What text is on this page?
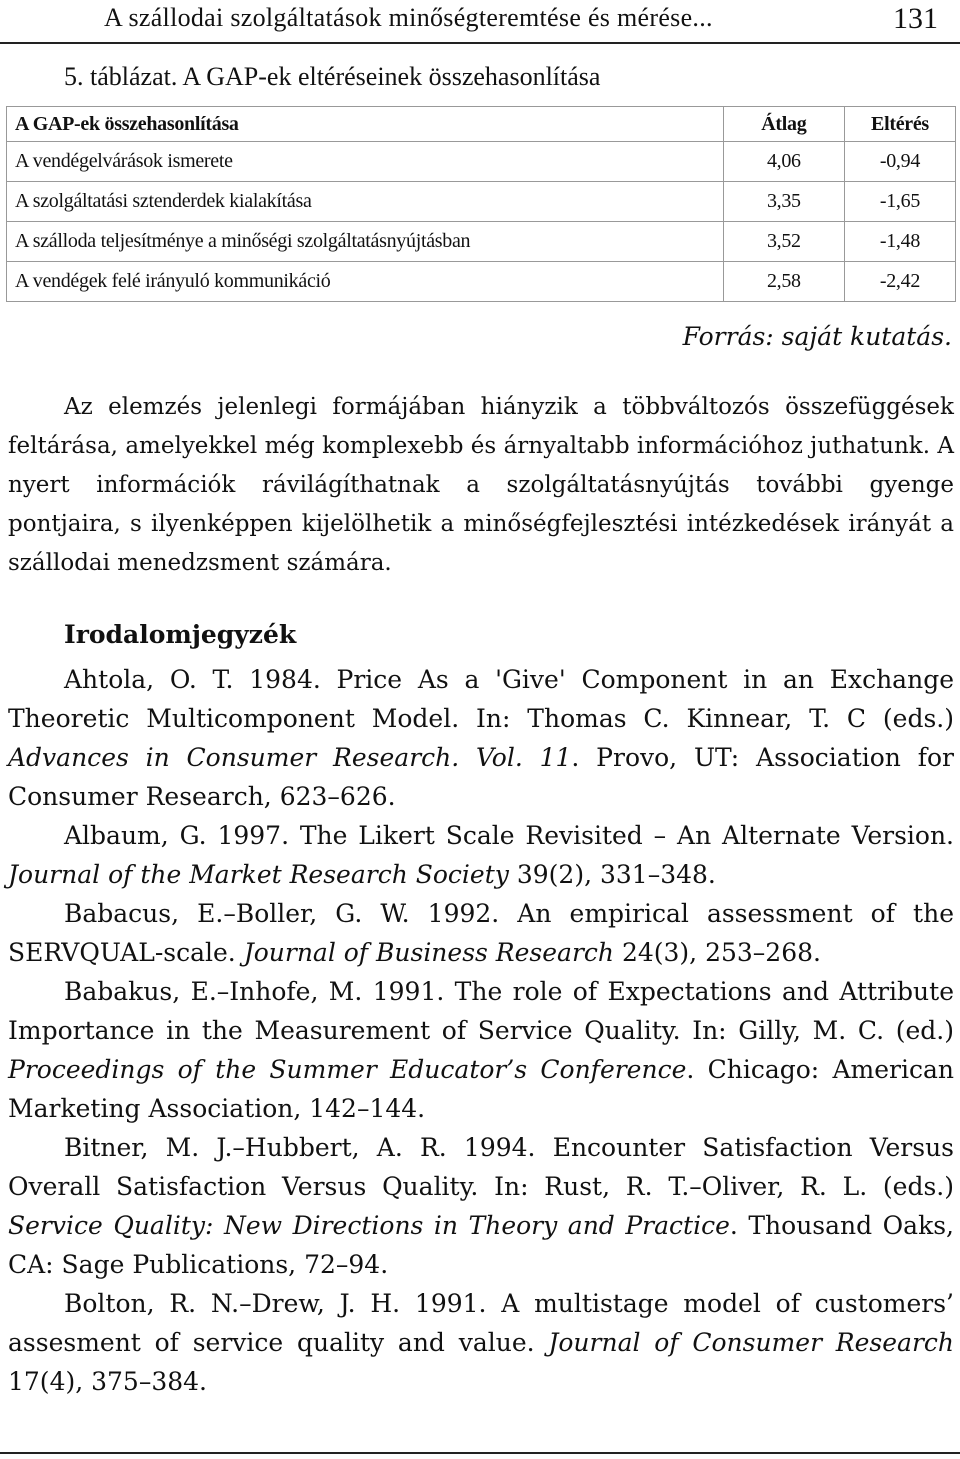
A szállodai szolgáltatások minőségteremtése és mérése...	131
5. táblázat. A GAP-ek eltéréseinek összehasonlítása
A GAP-ek összehasonlítása	Átlag	Eltérés
A vendégelvárások ismerete	4,06	-0,94
A szolgáltatási sztenderdek kialakítása	3,35	-1,65
A szálloda teljesítménye a minőségi szolgáltatásnyújtásban	3,52	-1,48
A vendégek felé irányuló kommunikáció	2,58	-2,42
Forrás: saját kutatás.

Az elemzés jelenlegi formájában hiányzik a többváltozós összefüggések feltárása, amelyekkel még komplexebb és árnyaltabb információhoz juthatunk. A nyert információk rávilágíthatnak a szolgáltatásnyújtás további gyenge pontjaira, s ilyenképpen kijelölhetik a minőségfejlesztési intézkedések irányát a szállodai menedzsment számára.

Irodalomjegyzék

Ahtola, O. T. 1984. Price As a 'Give' Component in an Exchange Theoretic Multicomponent Model. In: Thomas C. Kinnear, T. C (eds.) Advances in Consumer Research. Vol. 11. Provo, UT: Association for Consumer Research, 623–626.

Albaum, G. 1997. The Likert Scale Revisited – An Alternate Version. Journal of the Market Research Society 39(2), 331–348.

Babacus, E.–Boller, G. W. 1992. An empirical assessment of the SERVQUAL-scale. Journal of Business Research 24(3), 253–268.

Babakus, E.–Inhofe, M. 1991. The role of Expectations and Attribute Importance in the Measurement of Service Quality. In: Gilly, M. C. (ed.) Proceedings of the Summer Educator’s Conference. Chicago: American Marketing Association, 142–144.

Bitner, M. J.–Hubbert, A. R. 1994. Encounter Satisfaction Versus Overall Satisfaction Versus Quality. In: Rust, R. T.–Oliver, R. L. (eds.) Service Quality: New Directions in Theory and Practice. Thousand Oaks, CA: Sage Publications, 72–94.

Bolton, R. N.–Drew, J. H. 1991. A multistage model of customers’ assesment of service quality and value. Journal of Consumer Research 17(4), 375–384.
